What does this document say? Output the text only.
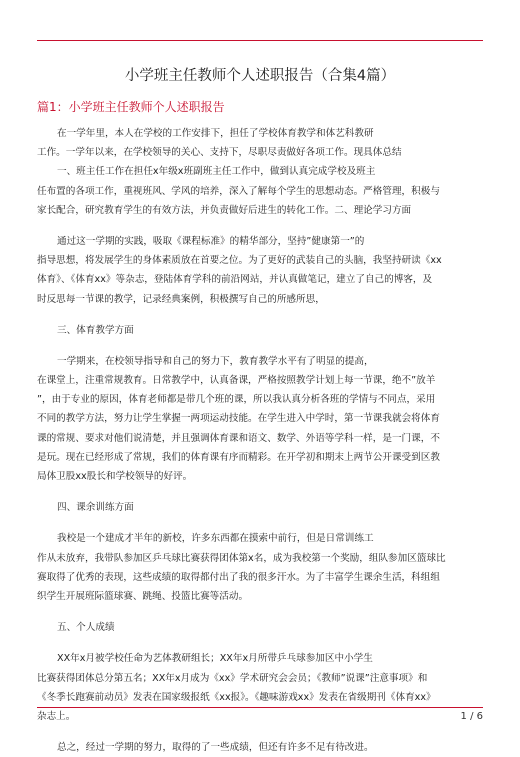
小学班主任教师个人述职报告（合集4篇）
篇1：小学班主任教师个人述职报告
在一学年里，本人在学校的工作安排下，担任了学校体育教学和体艺科教研
工作。一学年以来，在学校领导的关心、支持下，尽职尽责做好各项工作。现具体总结
一、班主任工作在担任x年级x班副班主任工作中，做到认真完成学校及班主
任布置的各项工作，重视班风、学风的培养，深入了解每个学生的思想动态。严格管理，积极与
家长配合，研究教育学生的有效方法，并负责做好后进生的转化工作。二、理论学习方面
通过这一学期的实践，吸取《课程标准》的精华部分，坚持”健康第一”的
指导思想，将发展学生的身体素质放在首要之位。为了更好的武装自己的头脑，我坚持研读《xx
体育》、《体育xx》等杂志，登陆体育学科的前沿网站，并认真做笔记，建立了自己的博客，及
时反思每一节课的教学，记录经典案例，积极撰写自己的所感所思，
三、体育教学方面
一学期来，在校领导指导和自己的努力下，教育教学水平有了明显的提高，
在课堂上，注重常规教育。日常教学中，认真备课，严格按照教学计划上每一节课，绝不”放羊
”，由于专业的原因，体育老师都是带几个班的课，所以我认真分析各班的学情与不同点，采用
不同的教学方法，努力让学生掌握一两项运动技能。在学生进入中学时，第一节课我就会将体育
课的常规、要求对他们说清楚，并且强调体育课和语文、数学、外语等学科一样，是一门课，不
是玩。现在已经形成了常规，我们的体育课有序而精彩。在开学初和期末上两节公开课受到区教
局体卫股xx股长和学校领导的好评。
四、课余训练方面
我校是一个建成才半年的新校，许多东西都在摸索中前行，但是日常训练工
作从未放弃，我带队参加区乒乓球比赛获得团体第x名，成为我校第一个奖励，组队参加区篮球比
赛取得了优秀的表现，这些成绩的取得都付出了我的很多汗水。为了丰富学生课余生活，科组组
织学生开展班际篮球赛、跳绳、投篮比赛等活动。
五、个人成绩
XX年x月被学校任命为艺体教研组长；XX年x月所带乒乓球参加区中小学生
比赛获得团体总分第五名；XX年x月成为《xx》学术研究会会员；《教师”说课”注意事项》和
《冬季长跑赛前动员》发表在国家级报纸《xx报》。《趣味游戏xx》发表在省级期刊《体育xx》
杂志上。
总之，经过一学期的努力，取得的了一些成绩，但还有许多不足有待改进。
1 / 6
